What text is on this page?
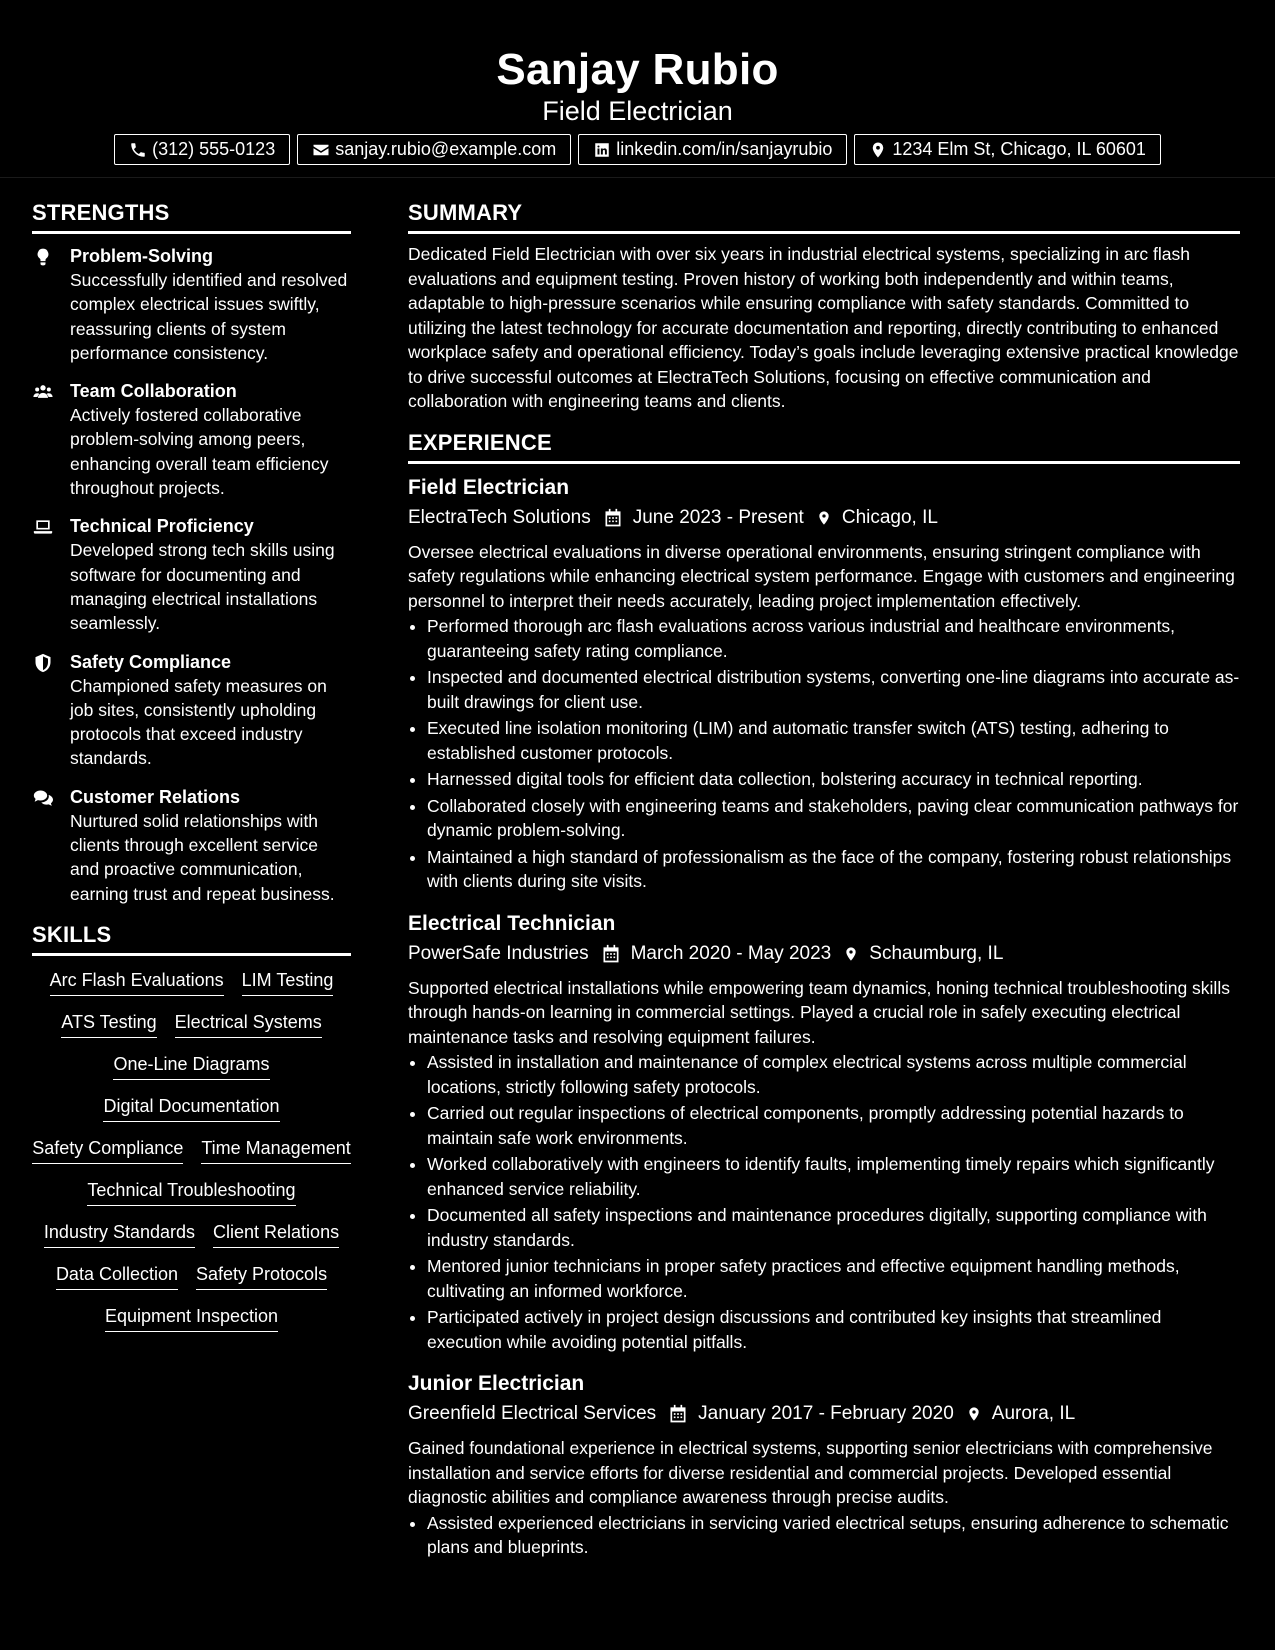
Sanjay Rubio
Field Electrician
(312) 555-0123	sanjay.rubio@example.com	linkedin.com/in/sanjayrubio	1234 Elm St, Chicago, IL 60601
STRENGTHS
Problem-Solving
Successfully identified and resolved complex electrical issues swiftly, reassuring clients of system performance consistency.
Team Collaboration
Actively fostered collaborative problem-solving among peers, enhancing overall team efficiency throughout projects.
Technical Proficiency
Developed strong tech skills using software for documenting and managing electrical installations seamlessly.
Safety Compliance
Championed safety measures on job sites, consistently upholding protocols that exceed industry standards.
Customer Relations
Nurtured solid relationships with clients through excellent service and proactive communication, earning trust and repeat business.
SKILLS
Arc Flash Evaluations LIM Testing
ATS Testing Electrical Systems
One-Line Diagrams
Digital Documentation
Safety Compliance Time Management
Technical Troubleshooting
Industry Standards Client Relations
Data Collection Safety Protocols
Equipment Inspection
SUMMARY
Dedicated Field Electrician with over six years in industrial electrical systems, specializing in arc flash evaluations and equipment testing. Proven history of working both independently and within teams, adaptable to high-pressure scenarios while ensuring compliance with safety standards. Committed to utilizing the latest technology for accurate documentation and reporting, directly contributing to enhanced workplace safety and operational efficiency. Today’s goals include leveraging extensive practical knowledge to drive successful outcomes at ElectraTech Solutions, focusing on effective communication and collaboration with engineering teams and clients.
EXPERIENCE
Field Electrician
ElectraTech Solutions June 2023 - Present Chicago, IL
Oversee electrical evaluations in diverse operational environments, ensuring stringent compliance with safety regulations while enhancing electrical system performance. Engage with customers and engineering personnel to interpret their needs accurately, leading project implementation effectively.
• Performed thorough arc flash evaluations across various industrial and healthcare environments, guaranteeing safety rating compliance.
• Inspected and documented electrical distribution systems, converting one-line diagrams into accurate as-built drawings for client use.
• Executed line isolation monitoring (LIM) and automatic transfer switch (ATS) testing, adhering to established customer protocols.
• Harnessed digital tools for efficient data collection, bolstering accuracy in technical reporting.
• Collaborated closely with engineering teams and stakeholders, paving clear communication pathways for dynamic problem-solving.
• Maintained a high standard of professionalism as the face of the company, fostering robust relationships with clients during site visits.
Electrical Technician
PowerSafe Industries March 2020 - May 2023 Schaumburg, IL
Supported electrical installations while empowering team dynamics, honing technical troubleshooting skills through hands-on learning in commercial settings. Played a crucial role in safely executing electrical maintenance tasks and resolving equipment failures.
• Assisted in installation and maintenance of complex electrical systems across multiple commercial locations, strictly following safety protocols.
• Carried out regular inspections of electrical components, promptly addressing potential hazards to maintain safe work environments.
• Worked collaboratively with engineers to identify faults, implementing timely repairs which significantly enhanced service reliability.
• Documented all safety inspections and maintenance procedures digitally, supporting compliance with industry standards.
• Mentored junior technicians in proper safety practices and effective equipment handling methods, cultivating an informed workforce.
• Participated actively in project design discussions and contributed key insights that streamlined execution while avoiding potential pitfalls.
Junior Electrician
Greenfield Electrical Services January 2017 - February 2020 Aurora, IL
Gained foundational experience in electrical systems, supporting senior electricians with comprehensive installation and service efforts for diverse residential and commercial projects. Developed essential diagnostic abilities and compliance awareness through precise audits.
• Assisted experienced electricians in servicing varied electrical setups, ensuring adherence to schematic plans and blueprints.
